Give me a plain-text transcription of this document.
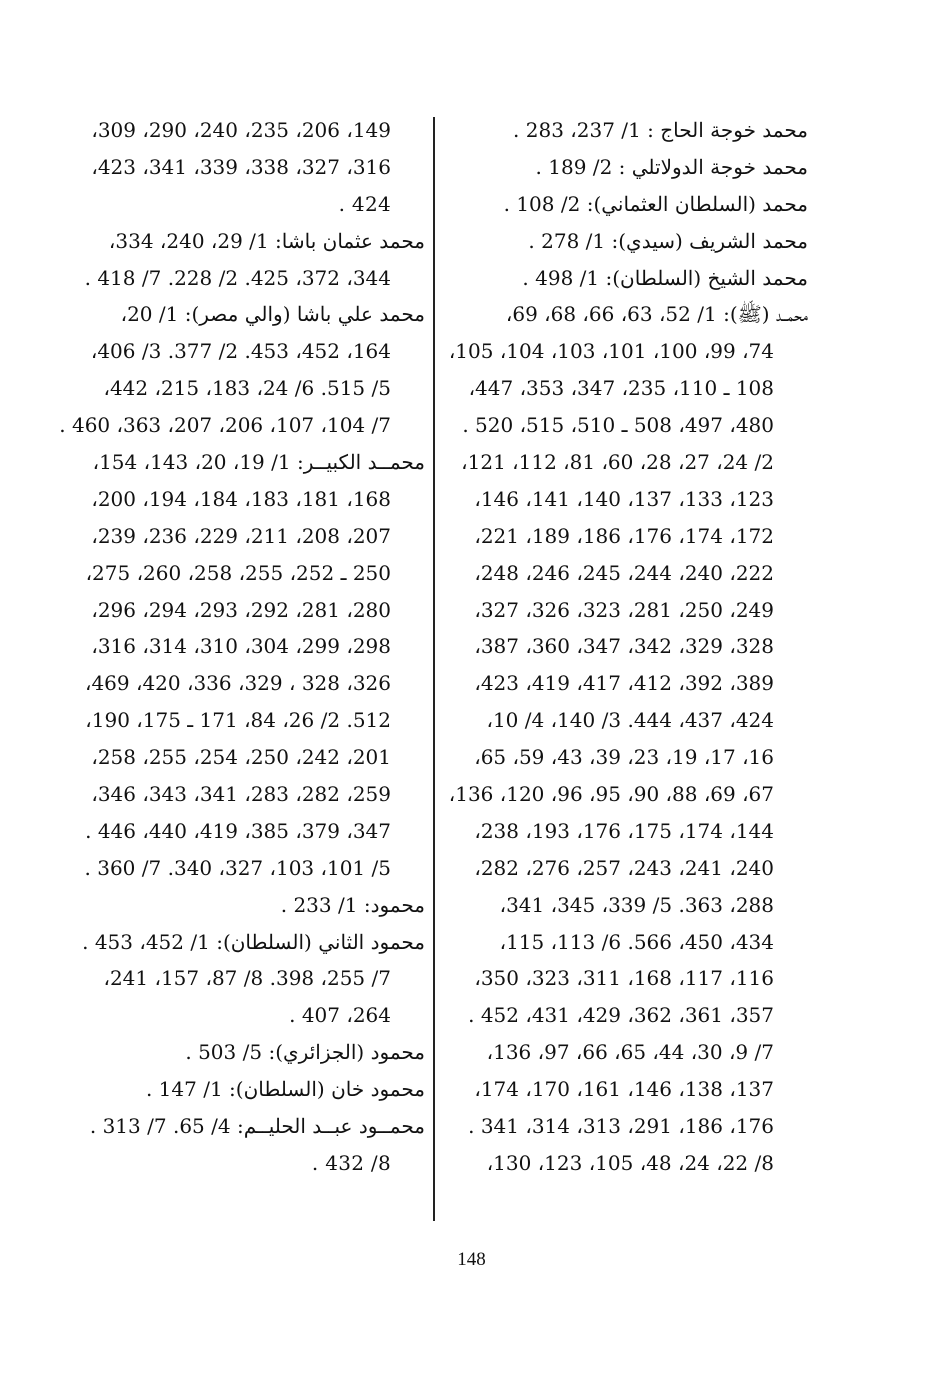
محمد خوجة الحاج : 1/ 237، 283 .
محمد خوجة الدولاتلي : 2/ 189 .
محمد (السلطان العثماني): 2/ 108 .
محمد الشريف (سيدي): 1/ 278 .
محمد الشيخ (السلطان): 1/ 498 .
محمــد (ﷺ): 1/ 52، 63، 66، 68، 69،
74، 99، 100، 101، 103، 104، 105،
108 ـ 110، 235، 347، 353، 447،
480، 497، 508 ـ 510، 515، 520 .
2/ 24، 27، 28، 60، 81، 112، 121،
123، 133، 137، 140، 141، 146،
172، 174، 176، 186، 189، 221،
222، 240، 244، 245، 246، 248،
249، 250، 281، 323، 326، 327،
328، 329، 342، 347، 360، 387،
389، 392، 412، 417، 419، 423،
424، 437، 444. 3/ 140، 4/ 10،
16، 17، 19، 23، 39، 43، 59، 65،
67، 69، 88، 90، 95، 96، 120، 136،
144، 174، 175، 176، 193، 238،
240، 241، 243، 257، 276، 282،
288، 363. 5/ 339، 345، 341،
434، 450، 566. 6/ 113، 115،
116، 117، 168، 311، 323، 350،
357، 361، 362، 429، 431، 452 .
7/ 9، 30، 44، 65، 66، 97، 136،
137، 138، 146، 161، 170، 174،
176، 186، 291، 313، 314، 341 .
8/ 22، 24، 48، 105، 123، 130،
149، 206، 235، 240، 290، 309،
316، 327، 338، 339، 341، 423،
424 .
محمد عثمان باشا: 1/ 29، 240، 334،
344، 372، 425. 2/ 228. 7/ 418 .
محمد علي باشا (والي مصر): 1/ 20،
164، 452، 453. 2/ 377. 3/ 406،
5/ 515. 6/ 24، 183، 215، 442،
7/ 104، 107، 206، 207، 363، 460 .
محمــد الكبيــر: 1/ 19، 20، 143، 154،
168، 181، 183، 184، 194، 200،
207، 208، 211، 229، 236، 239،
250 ـ 252، 255، 258، 260، 275،
280، 281، 292، 293، 294، 296،
298، 299، 304، 310، 314، 316،
326، 328 ، 329، 336، 420، 469،
512. 2/ 26، 84، 171 ـ 175، 190،
201، 242، 250، 254، 255، 258،
259، 282، 283، 341، 343، 346،
347، 379، 385، 419، 440، 446 .
5/ 101، 103، 327، 340. 7/ 360 .
محمود: 1/ 233 .
محمود الثاني (السلطان): 1/ 452، 453 .
7/ 255، 398. 8/ 87، 157، 241،
264، 407 .
محمود (الجزائري): 5/ 503 .
محمود خان (السلطان): 1/ 147 .
محمــود عبــد الحليــم: 4/ 65. 7/ 313 .
8/ 432 .
148
